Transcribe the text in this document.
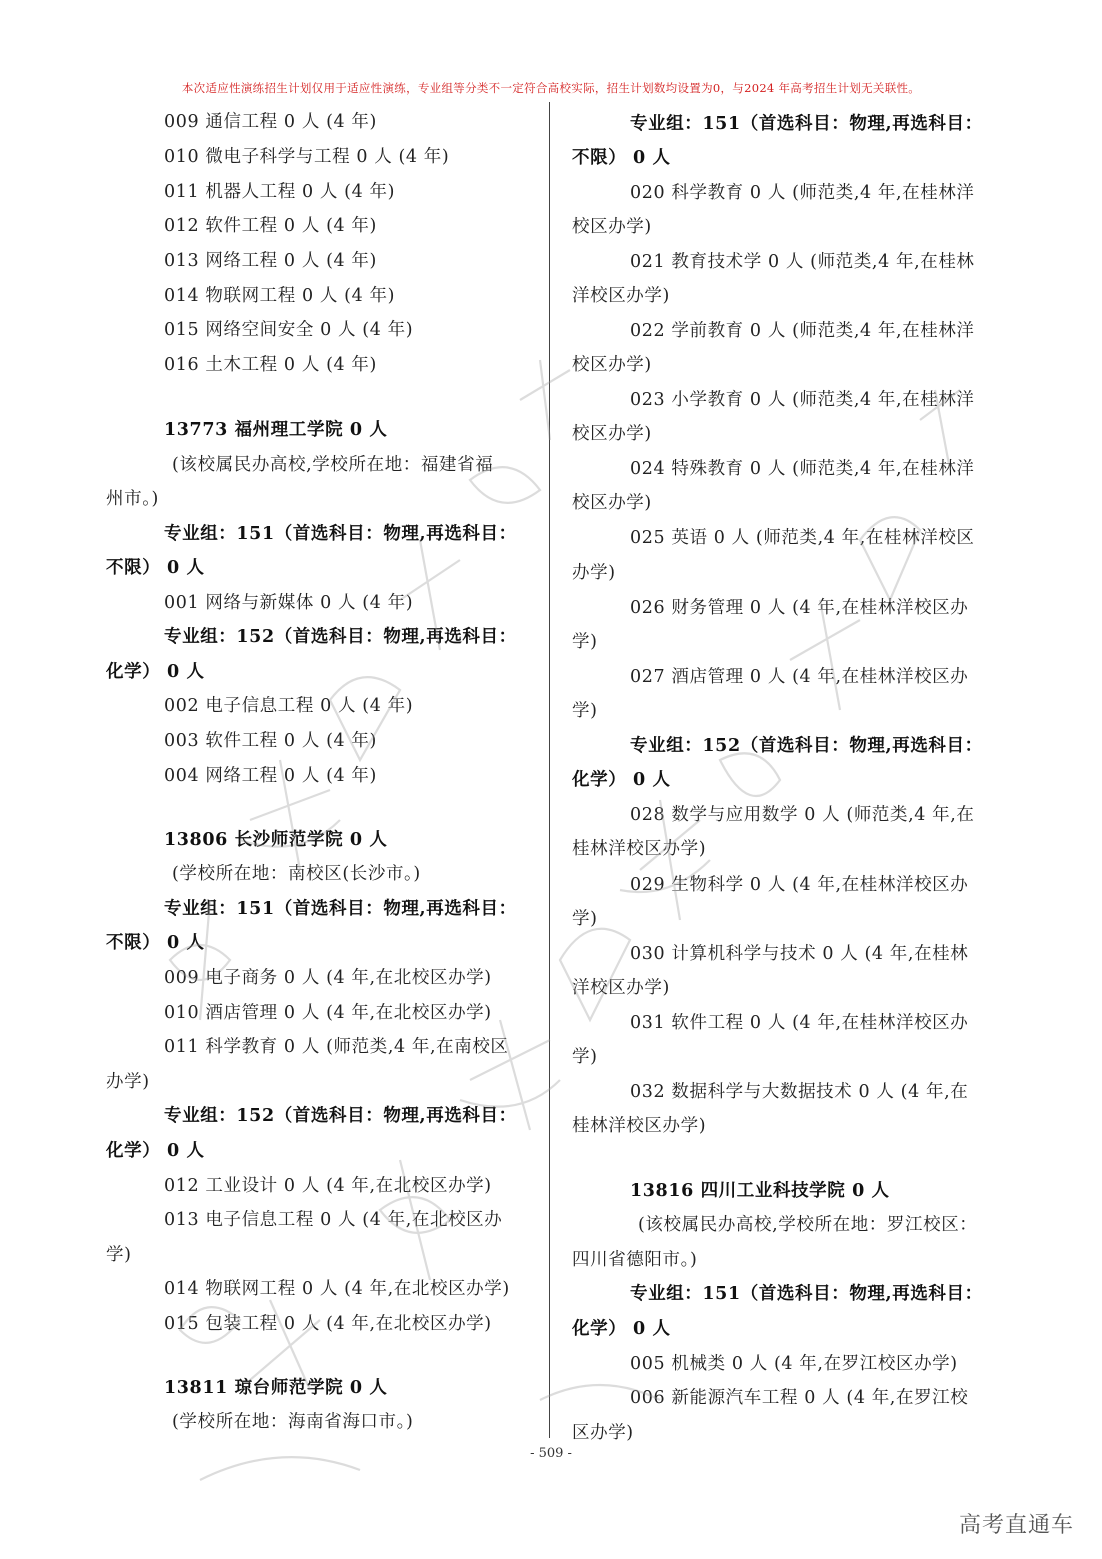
本次适应性演练招生计划仅用于适应性演练，专业组等分类不一定符合高校实际，招生计划数均设置为0，与2024 年高考招生计划无关联性。
009 通信工程 0 人 (4 年)
010 微电子科学与工程 0 人 (4 年)
011 机器人工程 0 人 (4 年)
012 软件工程 0 人 (4 年)
013 网络工程 0 人 (4 年)
014 物联网工程 0 人 (4 年)
015 网络空间安全 0 人 (4 年)
016 土木工程 0 人 (4 年)
13773 福州理工学院 0 人
(该校属民办高校,学校所在地：福建省福
州市。)
专业组：151（首选科目：物理,再选科目：
不限） 0 人
001 网络与新媒体 0 人 (4 年)
专业组：152（首选科目：物理,再选科目：
化学） 0 人
002 电子信息工程 0 人 (4 年)
003 软件工程 0 人 (4 年)
004 网络工程 0 人 (4 年)
13806 长沙师范学院 0 人
(学校所在地：南校区(长沙市。)
专业组：151（首选科目：物理,再选科目：
不限） 0 人
009 电子商务 0 人 (4 年,在北校区办学)
010 酒店管理 0 人 (4 年,在北校区办学)
011 科学教育 0 人 (师范类,4 年,在南校区
办学)
专业组：152（首选科目：物理,再选科目：
化学） 0 人
012 工业设计 0 人 (4 年,在北校区办学)
013 电子信息工程 0 人 (4 年,在北校区办
学)
014 物联网工程 0 人 (4 年,在北校区办学)
015 包装工程 0 人 (4 年,在北校区办学)
13811 琼台师范学院 0 人
(学校所在地：海南省海口市。)
专业组：151（首选科目：物理,再选科目：
不限） 0 人
020 科学教育 0 人 (师范类,4 年,在桂林洋
校区办学)
021 教育技术学 0 人 (师范类,4 年,在桂林
洋校区办学)
022 学前教育 0 人 (师范类,4 年,在桂林洋
校区办学)
023 小学教育 0 人 (师范类,4 年,在桂林洋
校区办学)
024 特殊教育 0 人 (师范类,4 年,在桂林洋
校区办学)
025 英语 0 人 (师范类,4 年,在桂林洋校区
办学)
026 财务管理 0 人 (4 年,在桂林洋校区办
学)
027 酒店管理 0 人 (4 年,在桂林洋校区办
学)
专业组：152（首选科目：物理,再选科目：
化学） 0 人
028 数学与应用数学 0 人 (师范类,4 年,在
桂林洋校区办学)
029 生物科学 0 人 (4 年,在桂林洋校区办
学)
030 计算机科学与技术 0 人 (4 年,在桂林
洋校区办学)
031 软件工程 0 人 (4 年,在桂林洋校区办
学)
032 数据科学与大数据技术 0 人 (4 年,在
桂林洋校区办学)
13816 四川工业科技学院 0 人
(该校属民办高校,学校所在地：罗江校区：
四川省德阳市。)
专业组：151（首选科目：物理,再选科目：
化学） 0 人
005 机械类 0 人 (4 年,在罗江校区办学)
006 新能源汽车工程 0 人 (4 年,在罗江校
区办学)
- 509 -
高考直通车
